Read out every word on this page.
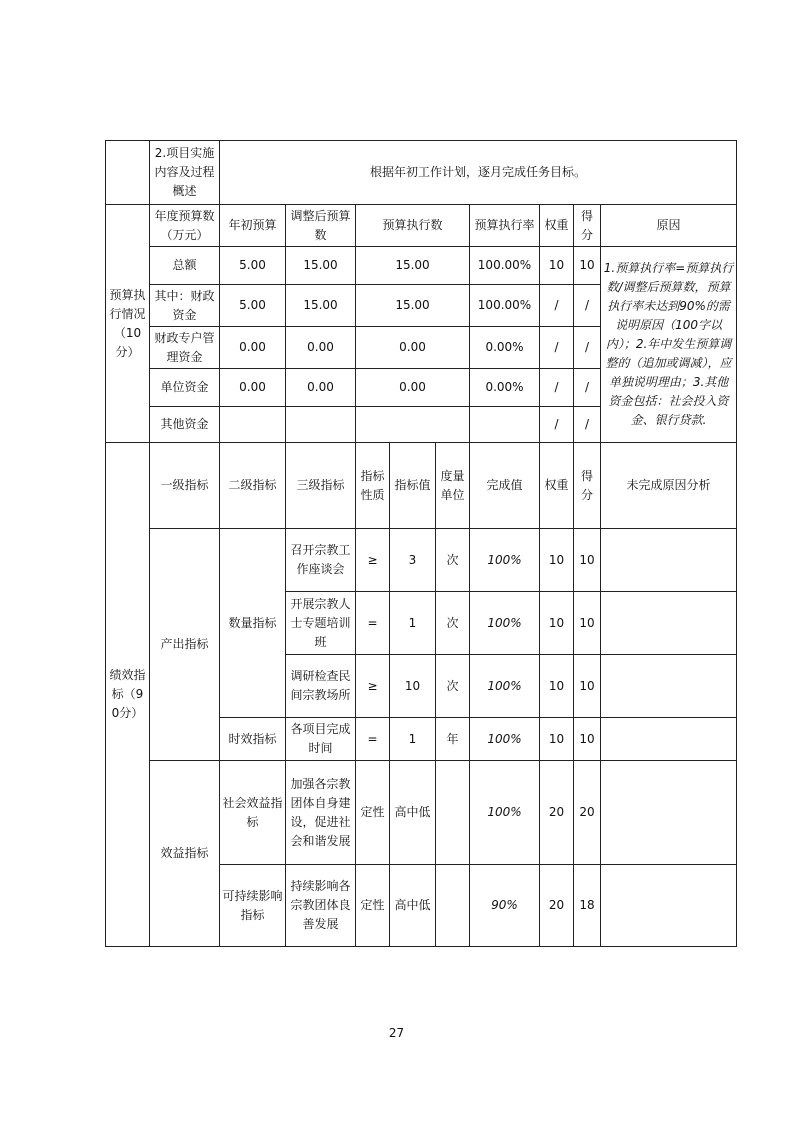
	2.项目实施内容及过程概述	根据年初工作计划，逐月完成任务目标。								
预算执行情况（10分）	年度预算数（万元）	年初预算	调整后预算数	预算执行数			预算执行率	权重	得分	原因
	总额	5.00	15.00	15.00			100.00%	10	10	1.预算执行率=预算执行数/调整后预算数，预算执行率未达到90%的需说明原因（100字以内）；2.年中发生预算调整的（追加或调减），应单独说明理由；3.其他资金包括：社会投入资金、银行贷款.
	其中：财政资金	5.00	15.00	15.00			100.00%	/	/	
	财政专户管理资金	0.00	0.00	0.00			0.00%	/	/	
	单位资金	0.00	0.00	0.00			0.00%	/	/	
	其他资金							/	/	
绩效指标（90分）	一级指标	二级指标	三级指标	指标性质	指标值	度量单位	完成值	权重	得分	未完成原因分析
	产出指标	数量指标	召开宗教工作座谈会	≥	3	次	100%	10	10	
			开展宗教人士专题培训班	=	1	次	100%	10	10	
			调研检查民间宗教场所	≥	10	次	100%	10	10	
		时效指标	各项目完成时间	=	1	年	100%	10	10	
	效益指标	社会效益指标	加强各宗教团体自身建设，促进社会和谐发展	定性	高中低		100%	20	20	
		可持续影响指标	持续影响各宗教团体良善发展	定性	高中低		90%	20	18	
27
